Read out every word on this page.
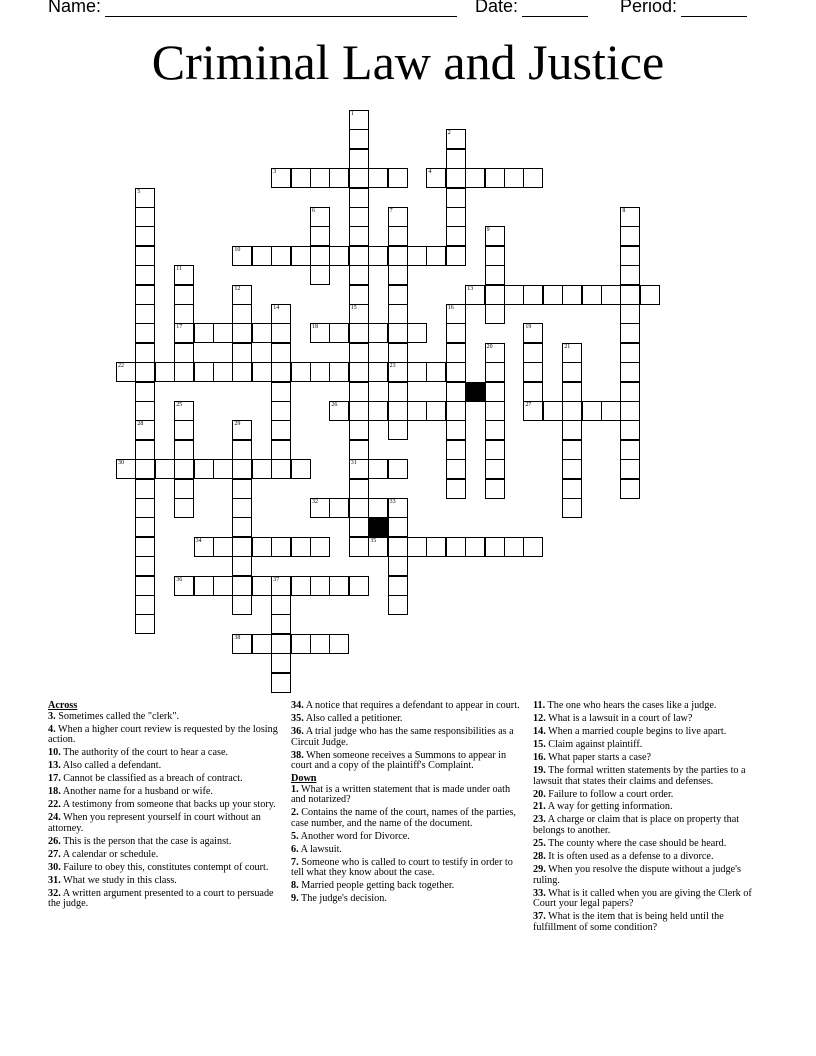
Name:	Date:	Period:
Criminal Law and Justice
3	4
10
13
17	18
22	23
26	27
30	31
32	33
34	35
36	37
38
1
15
2
5
28
6	7	8
9
11
12
14	16
19
20	21
25
29

Across

3. Sometimes called the "clerk".

4. When a higher court review is requested by the losing action.

10. The authority of the court to hear a case.

13. Also called a defendant.

17. Cannot be classified as a breach of contract.

18. Another name for a husband or wife.

22. A testimony from someone that backs up your story.

24. When you represent yourself in court without an attorney.

26. This is the person that the case is against.

27. A calendar or schedule.

30. Failure to obey this, constitutes contempt of court.

31. What we study in this class.

32. A written argument presented to a court to persuade the judge.

34. A notice that requires a defendant to appear in court.

35. Also called a petitioner.

36. A trial judge who has the same responsibilities as a Circuit Judge.

38. When someone receives a Summons to appear in court and a copy of the plaintiff's Complaint.

Down

1. What is a written statement that is made under oath and notarized?

2. Contains the name of the court, names of the parties, case number, and the name of the document.

5. Another word for Divorce.

6. A lawsuit.

7. Someone who is called to court to testify in order to tell what they know about the case.

8. Married people getting back together.

9. The judge's decision.

11. The one who hears the cases like a judge.

12. What is a lawsuit in a court of law?

14. When a married couple begins to live apart.

15. Claim against plaintiff.

16. What paper starts a case?

19. The formal written statements by the parties to a lawsuit that states their claims and defenses.

20. Failure to follow a court order.

21. A way for getting information.

23. A charge or claim that is place on property that belongs to another.

25. The county where the case should be heard.

28. It is often used as a defense to a divorce.

29. When you resolve the dispute without a judge's ruling.

33. What is it called when you are giving the Clerk of Court your legal papers?

37. What is the item that is being held until the fulfillment of some condition?
